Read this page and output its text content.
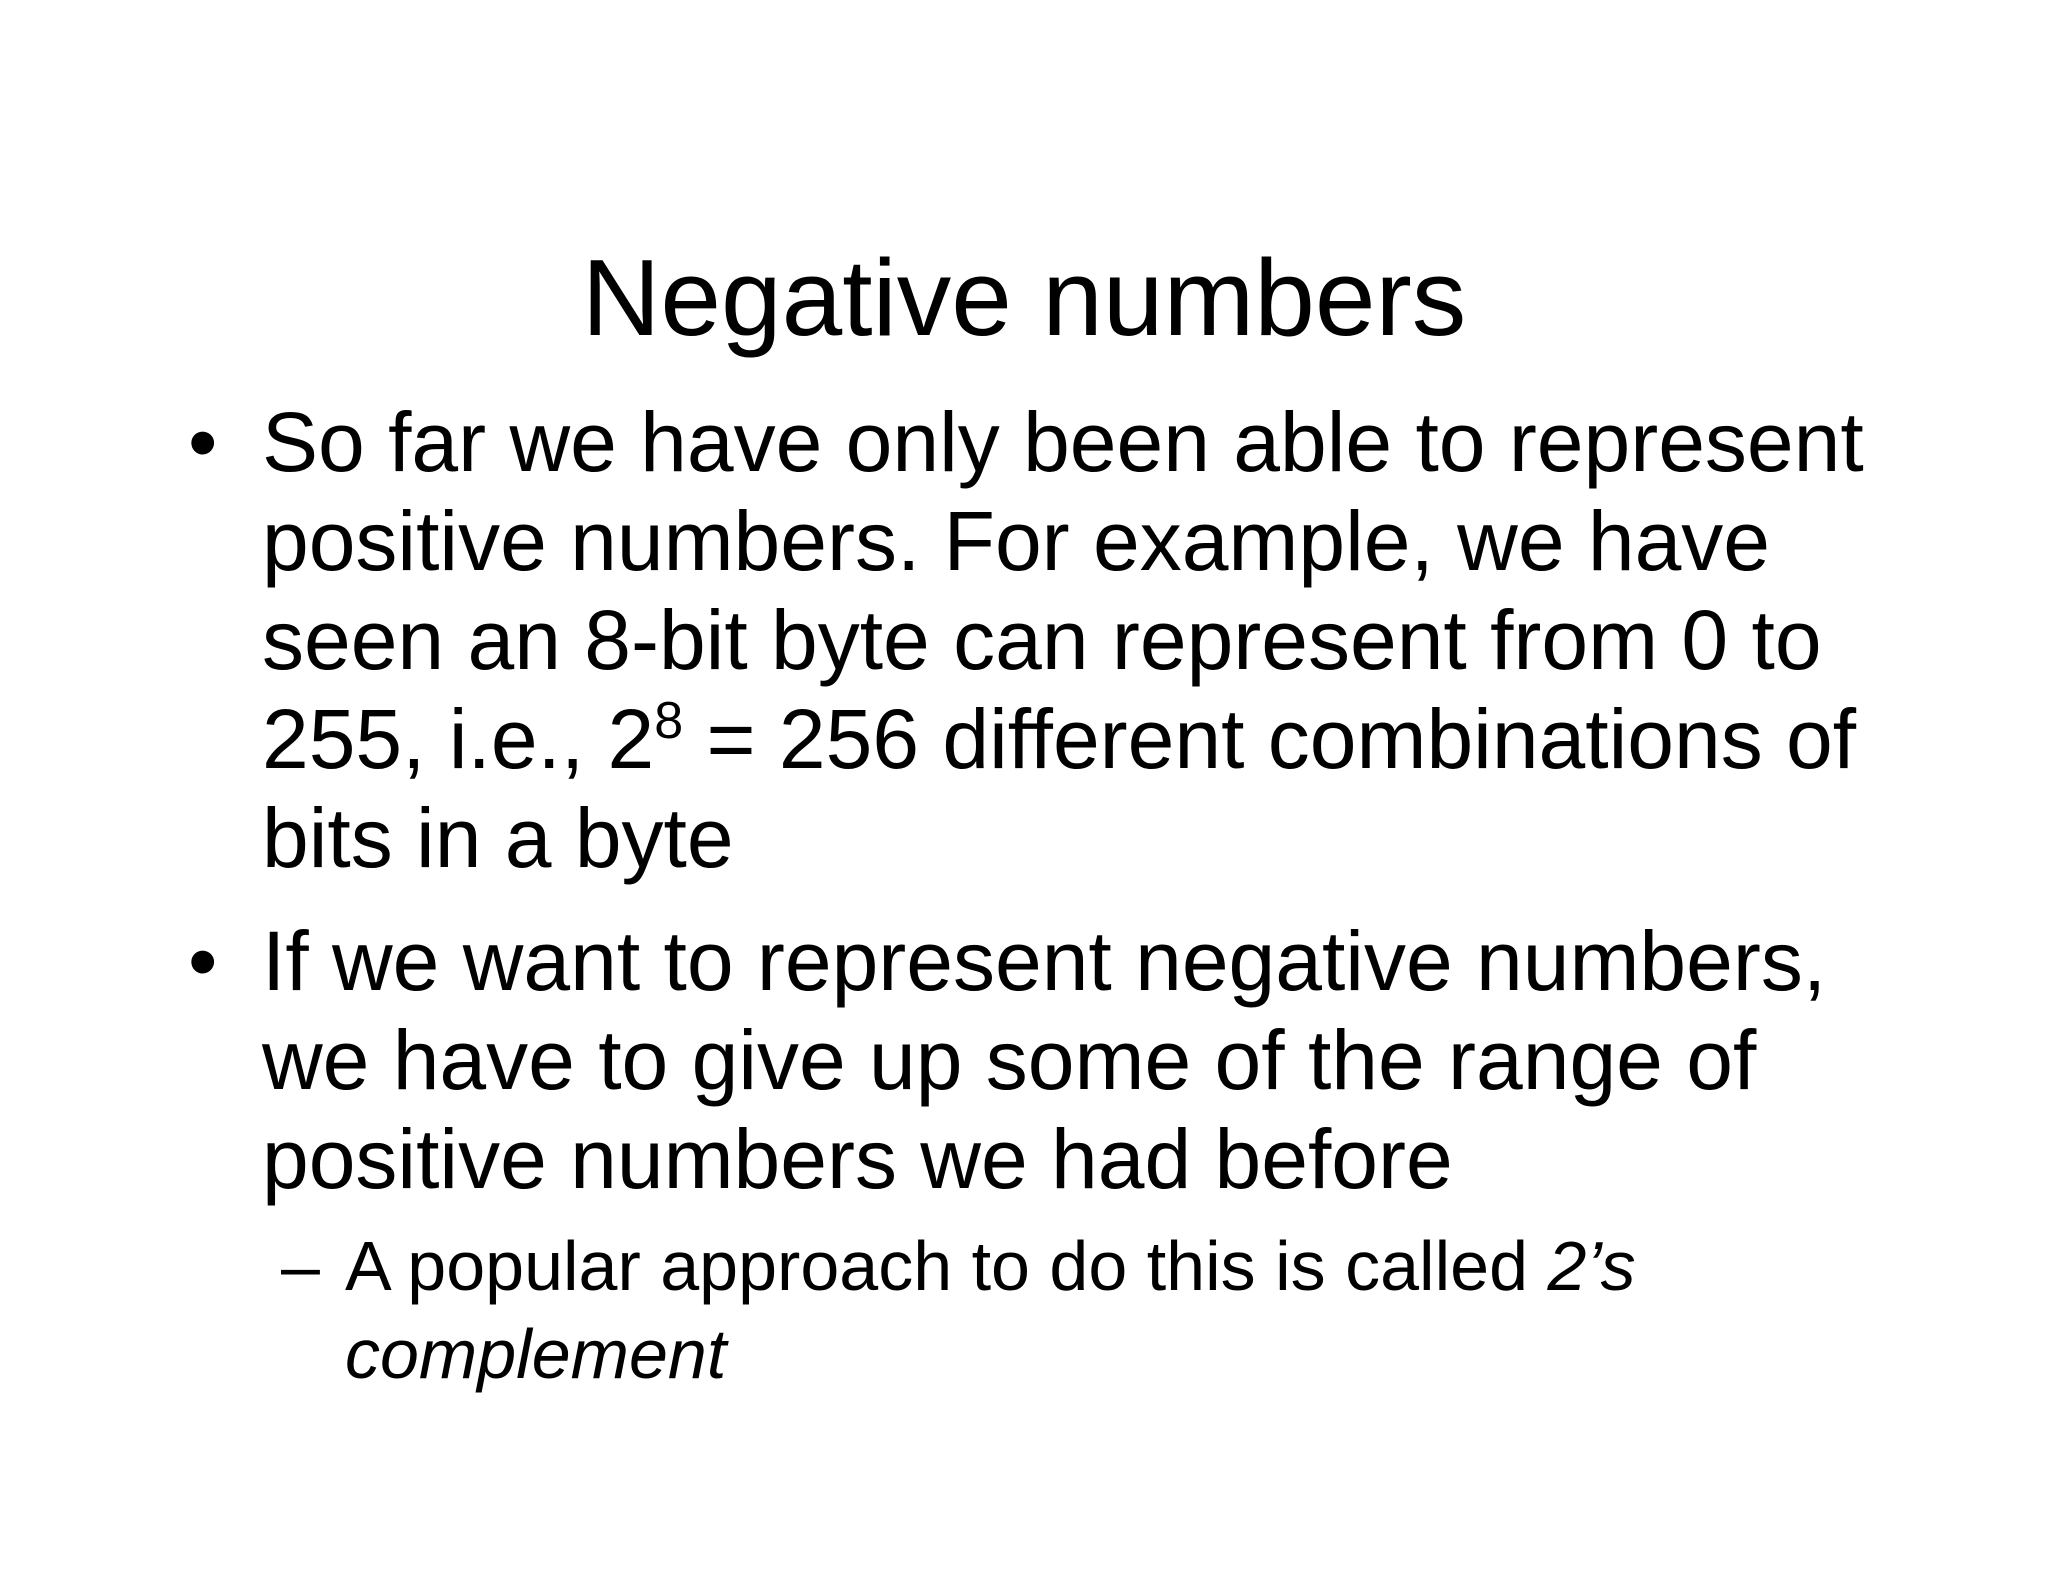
Negative numbers
• So far we have only been able to represent
positive numbers. For example, we have
seen an 8-bit byte can represent from 0 to
255, i.e., $2^8 = 256$ different combinations of
bits in a byte
• If we want to represent negative numbers,
we have to give up some of the range of
positive numbers we had before
– A popular approach to do this is called 2’s
complement
